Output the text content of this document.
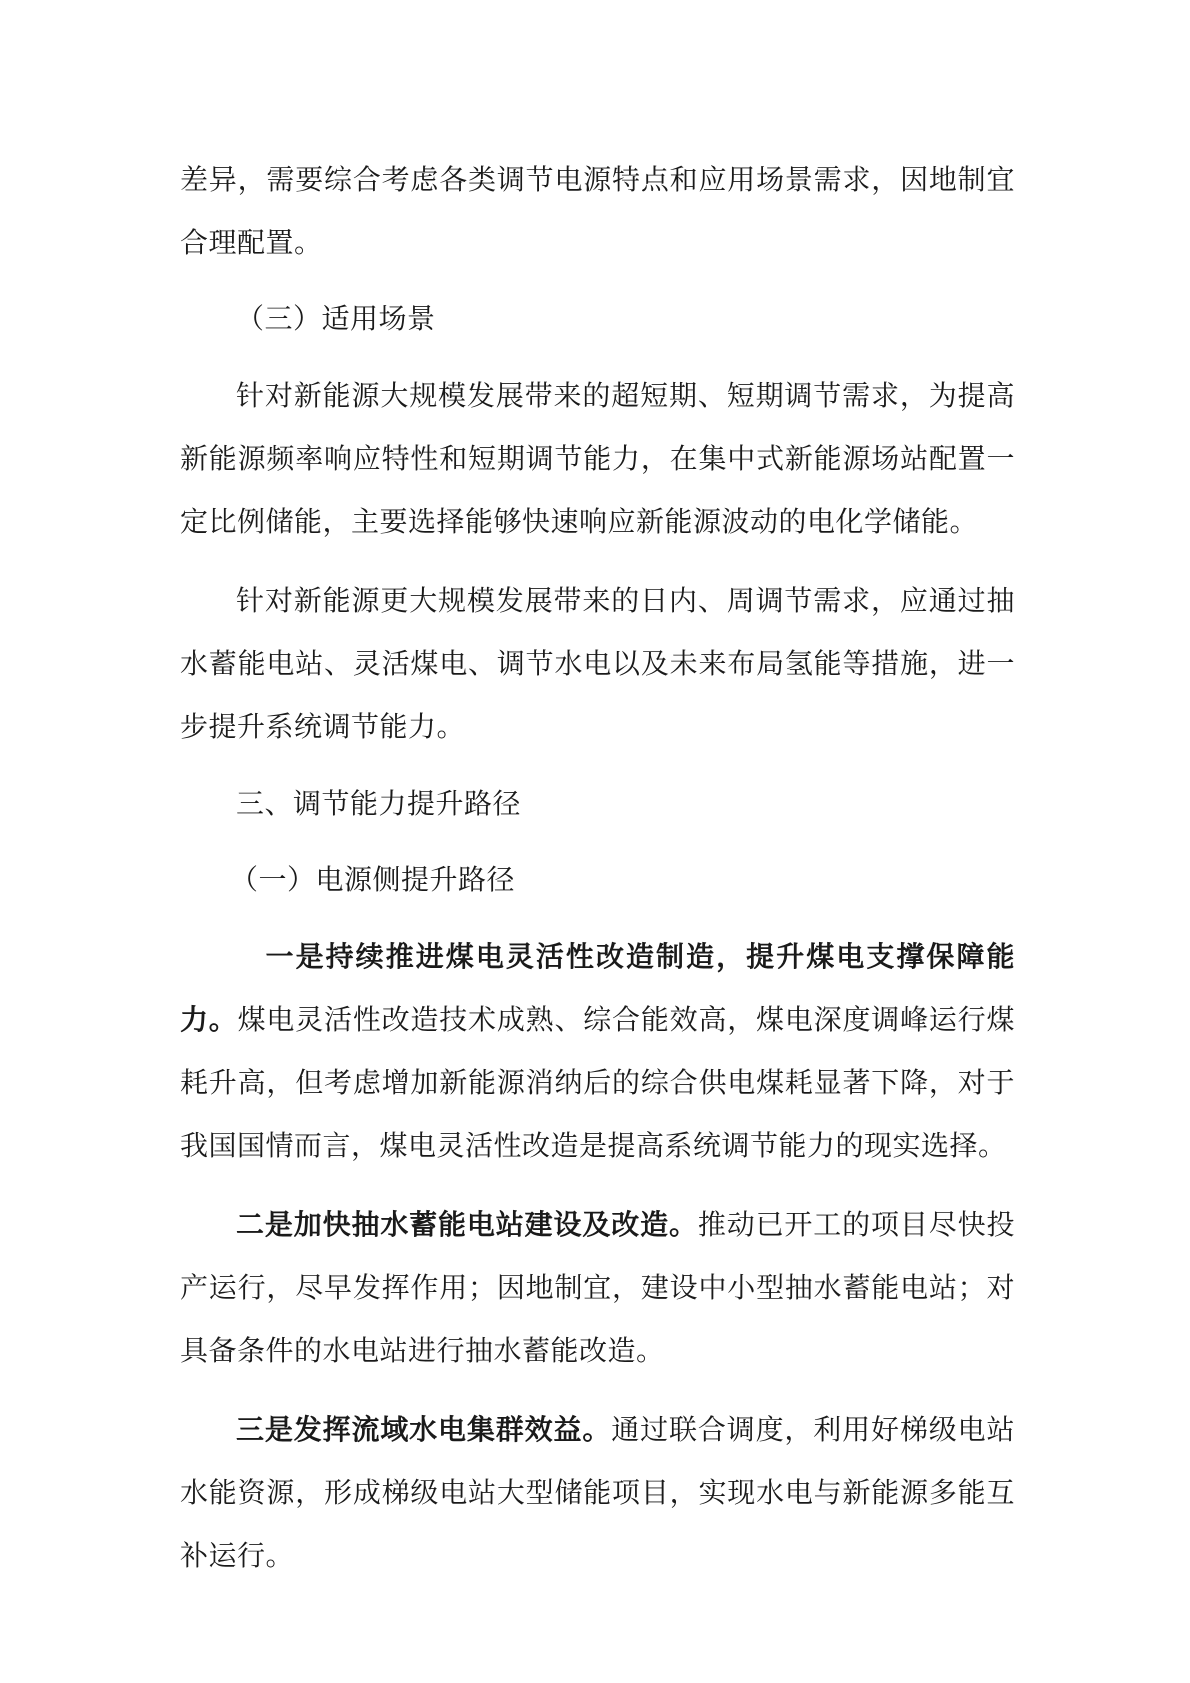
差异，需要综合考虑各类调节电源特点和应用场景需求，因地制宜合理配置。

（三）适用场景

针对新能源大规模发展带来的超短期、短期调节需求，为提高新能源频率响应特性和短期调节能力，在集中式新能源场站配置一定比例储能，主要选择能够快速响应新能源波动的电化学储能。

针对新能源更大规模发展带来的日内、周调节需求，应通过抽水蓄能电站、灵活煤电、调节水电以及未来布局氢能等措施，进一步提升系统调节能力。

三、调节能力提升路径

（一）电源侧提升路径

一是持续推进煤电灵活性改造制造，提升煤电支撑保障能力。煤电灵活性改造技术成熟、综合能效高，煤电深度调峰运行煤耗升高，但考虑增加新能源消纳后的综合供电煤耗显著下降，对于我国国情而言，煤电灵活性改造是提高系统调节能力的现实选择。

二是加快抽水蓄能电站建设及改造。推动已开工的项目尽快投产运行，尽早发挥作用；因地制宜，建设中小型抽水蓄能电站；对具备条件的水电站进行抽水蓄能改造。

三是发挥流域水电集群效益。通过联合调度，利用好梯级电站水能资源，形成梯级电站大型储能项目，实现水电与新能源多能互补运行。
